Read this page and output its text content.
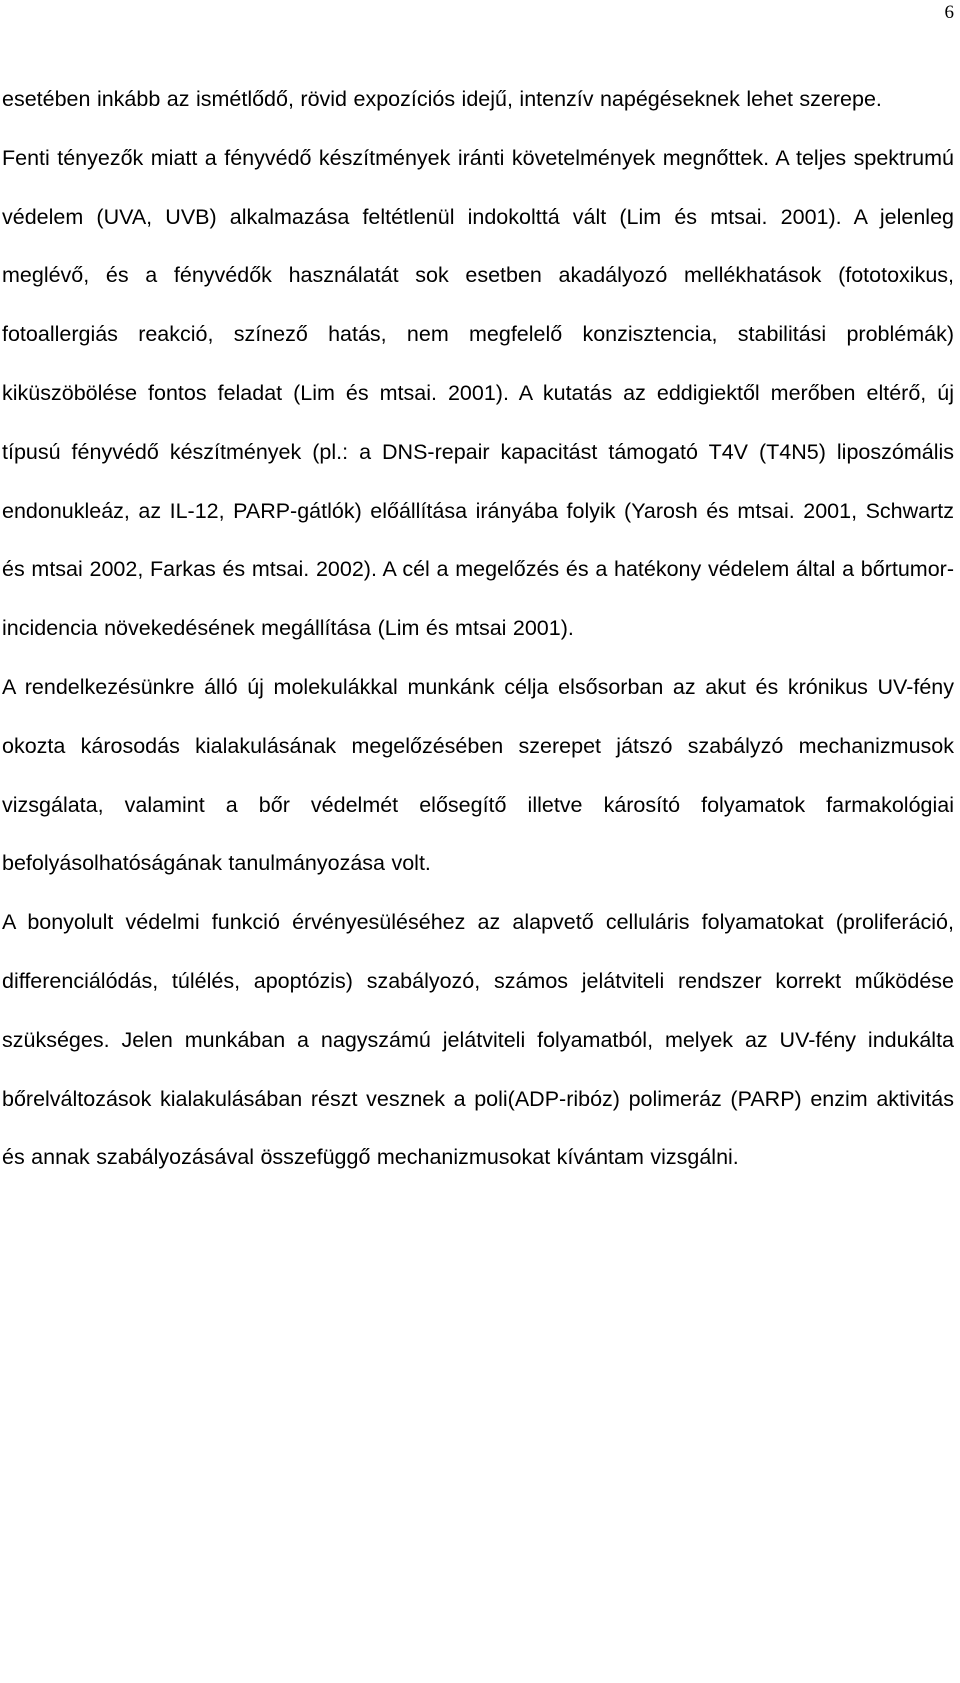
6

esetében inkább az ismétlődő, rövid expozíciós idejű, intenzív napégéseknek lehet szerepe.

Fenti tényezők miatt a fényvédő készítmények iránti követelmények megnőttek. A teljes spektrumú védelem (UVA, UVB) alkalmazása feltétlenül indokolttá vált (Lim és mtsai. 2001). A jelenleg meglévő, és a fényvédők használatát sok esetben akadályozó mellékhatások (fototoxikus, fotoallergiás reakció, színező hatás, nem megfelelő konzisztencia, stabilitási problémák) kiküszöbölése fontos feladat (Lim és mtsai. 2001). A kutatás az eddigiektől merőben eltérő, új típusú fényvédő készítmények (pl.: a DNS-repair kapacitást támogató T4V (T4N5) liposzómális endonukleáz, az IL-12, PARP-gátlók) előállítása irányába folyik (Yarosh és mtsai. 2001, Schwartz és mtsai 2002, Farkas és mtsai. 2002). A cél a megelőzés és a hatékony védelem által a bőrtumor-incidencia növekedésének megállítása (Lim és mtsai 2001).

A rendelkezésünkre álló új molekulákkal munkánk célja elsősorban az akut és krónikus UV-fény okozta károsodás kialakulásának megelőzésében szerepet játszó szabályzó mechanizmusok vizsgálata, valamint a bőr védelmét elősegítő illetve károsító folyamatok farmakológiai befolyásolhatóságának tanulmányozása volt.

A bonyolult védelmi funkció érvényesüléséhez az alapvető celluláris folyamatokat (proliferáció, differenciálódás, túlélés, apoptózis) szabályozó, számos jelátviteli rendszer korrekt működése szükséges. Jelen munkában a nagyszámú jelátviteli folyamatból, melyek az UV-fény indukálta bőrelváltozások kialakulásában részt vesznek a poli(ADP-ribóz) polimeráz (PARP) enzim aktivitás és annak szabályozásával összefüggő mechanizmusokat kívántam vizsgálni.
